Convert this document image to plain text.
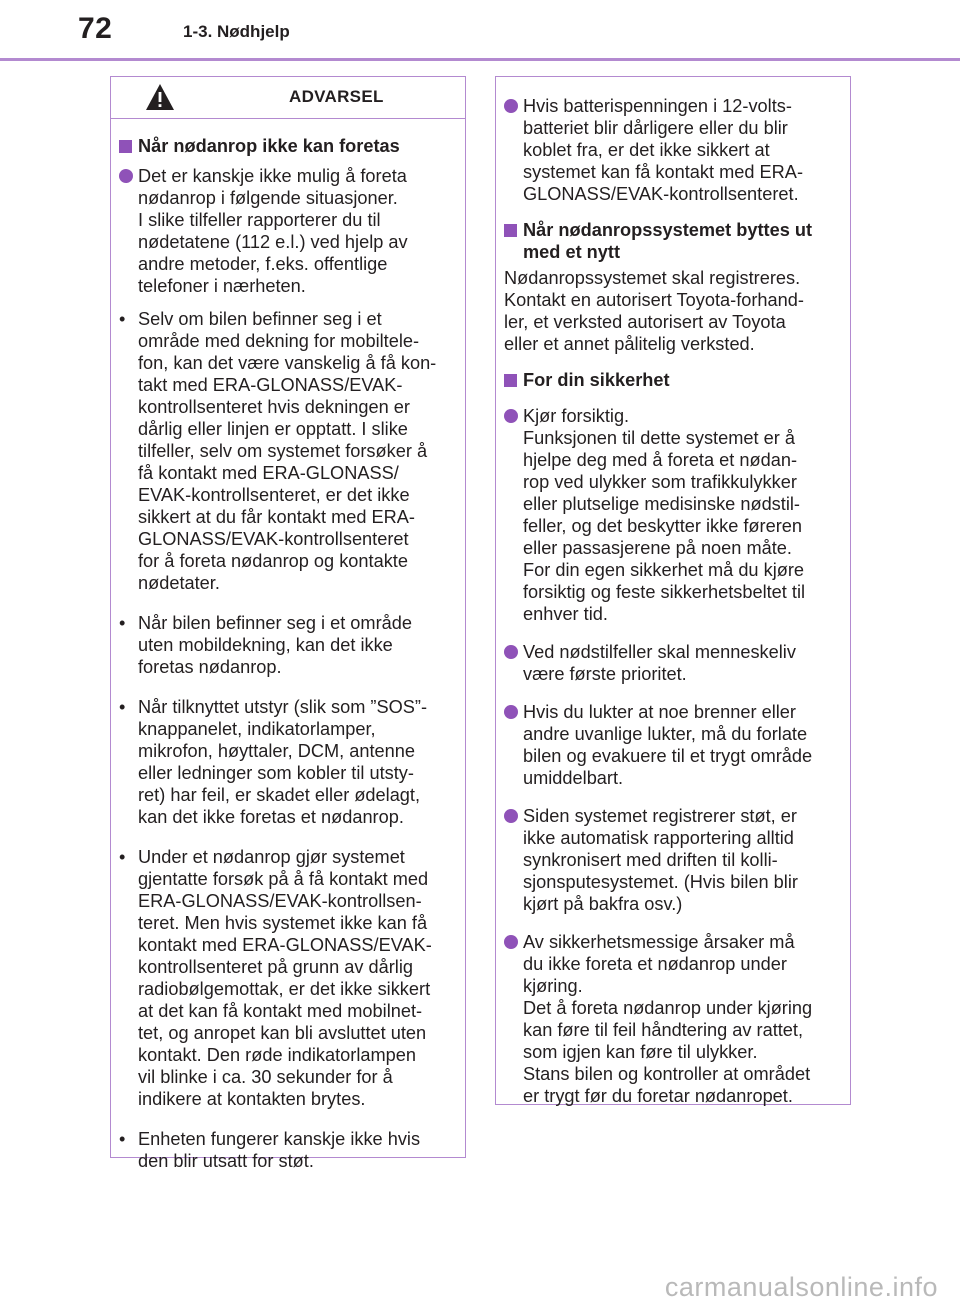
72	1-3. Nødhjelp
ADVARSEL
Når nødanrop ikke kan foretas
Det er kanskje ikke mulig å foreta
nødanrop i følgende situasjoner.
I slike tilfeller rapporterer du til
nødetatene (112 e.l.) ved hjelp av
andre metoder, f.eks. offentlige
telefoner i nærheten.
• Selv om bilen befinner seg i et
område med dekning for mobiltele-
fon, kan det være vanskelig å få kon-
takt med ERA-GLONASS/EVAK-
kontrollsenteret hvis dekningen er
dårlig eller linjen er opptatt. I slike
tilfeller, selv om systemet forsøker å
få kontakt med ERA-GLONASS/
EVAK-kontrollsenteret, er det ikke
sikkert at du får kontakt med ERA-
GLONASS/EVAK-kontrollsenteret
for å foreta nødanrop og kontakte
nødetater.
• Når bilen befinner seg i et område
uten mobildekning, kan det ikke
foretas nødanrop.
• Når tilknyttet utstyr (slik som ”SOS”-
knappanelet, indikatorlamper,
mikrofon, høyttaler, DCM, antenne
eller ledninger som kobler til utsty-
ret) har feil, er skadet eller ødelagt,
kan det ikke foretas et nødanrop.
• Under et nødanrop gjør systemet
gjentatte forsøk på å få kontakt med
ERA-GLONASS/EVAK-kontrollsen-
teret. Men hvis systemet ikke kan få
kontakt med ERA-GLONASS/EVAK-
kontrollsenteret på grunn av dårlig
radiobølgemottak, er det ikke sikkert
at det kan få kontakt med mobilnet-
tet, og anropet kan bli avsluttet uten
kontakt. Den røde indikatorlampen
vil blinke i ca. 30 sekunder for å
indikere at kontakten brytes.
• Enheten fungerer kanskje ikke hvis
den blir utsatt for støt.
Hvis batterispenningen i 12-volts-
batteriet blir dårligere eller du blir
koblet fra, er det ikke sikkert at
systemet kan få kontakt med ERA-
GLONASS/EVAK-kontrollsenteret.
Når nødanropssystemet byttes ut
med et nytt
Nødanropssystemet skal registreres.
Kontakt en autorisert Toyota-forhand-
ler, et verksted autorisert av Toyota
eller et annet pålitelig verksted.
For din sikkerhet
Kjør forsiktig.
Funksjonen til dette systemet er å
hjelpe deg med å foreta et nødan-
rop ved ulykker som trafikkulykker
eller plutselige medisinske nødstil-
feller, og det beskytter ikke føreren
eller passasjerene på noen måte.
For din egen sikkerhet må du kjøre
forsiktig og feste sikkerhetsbeltet til
enhver tid.
Ved nødstilfeller skal menneskeliv
være første prioritet.
Hvis du lukter at noe brenner eller
andre uvanlige lukter, må du forlate
bilen og evakuere til et trygt område
umiddelbart.
Siden systemet registrerer støt, er
ikke automatisk rapportering alltid
synkronisert med driften til kolli-
sjonsputesystemet. (Hvis bilen blir
kjørt på bakfra osv.)
Av sikkerhetsmessige årsaker må
du ikke foreta et nødanrop under
kjøring.
Det å foreta nødanrop under kjøring
kan føre til feil håndtering av rattet,
som igjen kan føre til ulykker.
Stans bilen og kontroller at området
er trygt før du foretar nødanropet.
carmanualsonline.info
